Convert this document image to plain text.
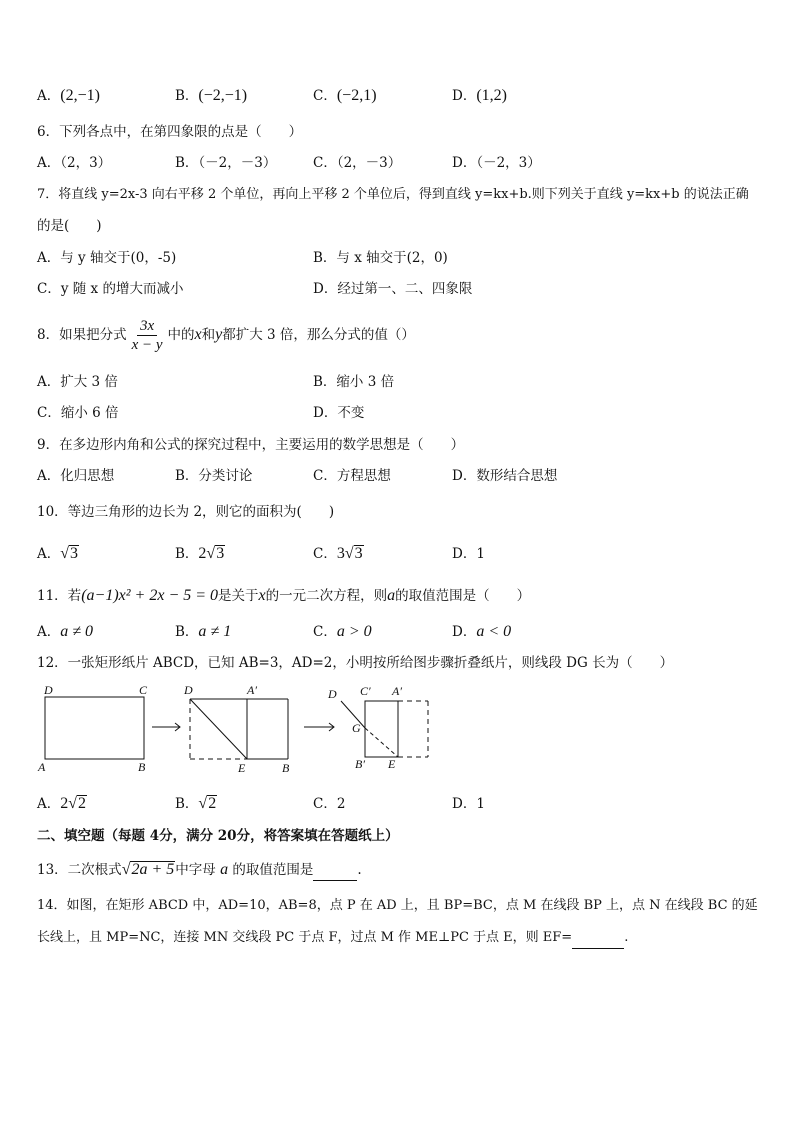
A．(2,−1)	B．(−2,−1)	C．(−2,1)	D．(1,2)
6．下列各点中，在第四象限的点是（　　）
A．（2，3）	B．（－2，－3）	C．（2，－3）	D．（－2，3）
7．将直线 y=2x-3 向右平移 2 个单位，再向上平移 2 个单位后，得到直线 y=kx+b.则下列关于直线 y=kx+b 的说法正确
的是(　　)
A．与 y 轴交于(0，-5)	B．与 x 轴交于(2，0)
C．y 随 x 的增大而减小	D．经过第一、二、四象限
8．如果把分式 $\frac{3x}{x - y}$ 中的x和y都扩大 3 倍，那么分式的值（）
A．扩大 3 倍	B．缩小 3 倍
C．缩小 6 倍	D．不变
9．在多边形内角和公式的探究过程中，主要运用的数学思想是（　　）
A．化归思想	B．分类讨论	C．方程思想	D．数形结合思想
10．等边三角形的边长为 2，则它的面积为(　　)
A．√3	B．2√3	C．3√3	D．1
11．若(a−1)x² + 2x − 5 = 0是关于x的一元二次方程，则a的取值范围是（　　）
A．a ≠ 0	B．a ≠ 1	C．a > 0	D．a < 0
12．一张矩形纸片 ABCD，已知 AB=3，AD=2，小明按所给图步骤折叠纸片，则线段 DG 长为（　　）
D	C
A	B
D	A′
E	B
D C′ A′
G
B′ E
A．2√2	B．√2	C．2	D．1
二、填空题（每题 4分，满分 20分，将答案填在答题纸上）
13．二次根式√2a + 5中字母 a 的取值范围是	.
14．如图，在矩形 ABCD 中，AD=10，AB=8，点 P 在 AD 上，且 BP=BC，点 M 在线段 BP 上，点 N 在线段 BC 的延
长线上，且 MP=NC，连接 MN 交线段 PC 于点 F，过点 M 作 ME⊥PC 于点 E，则 EF=	.
